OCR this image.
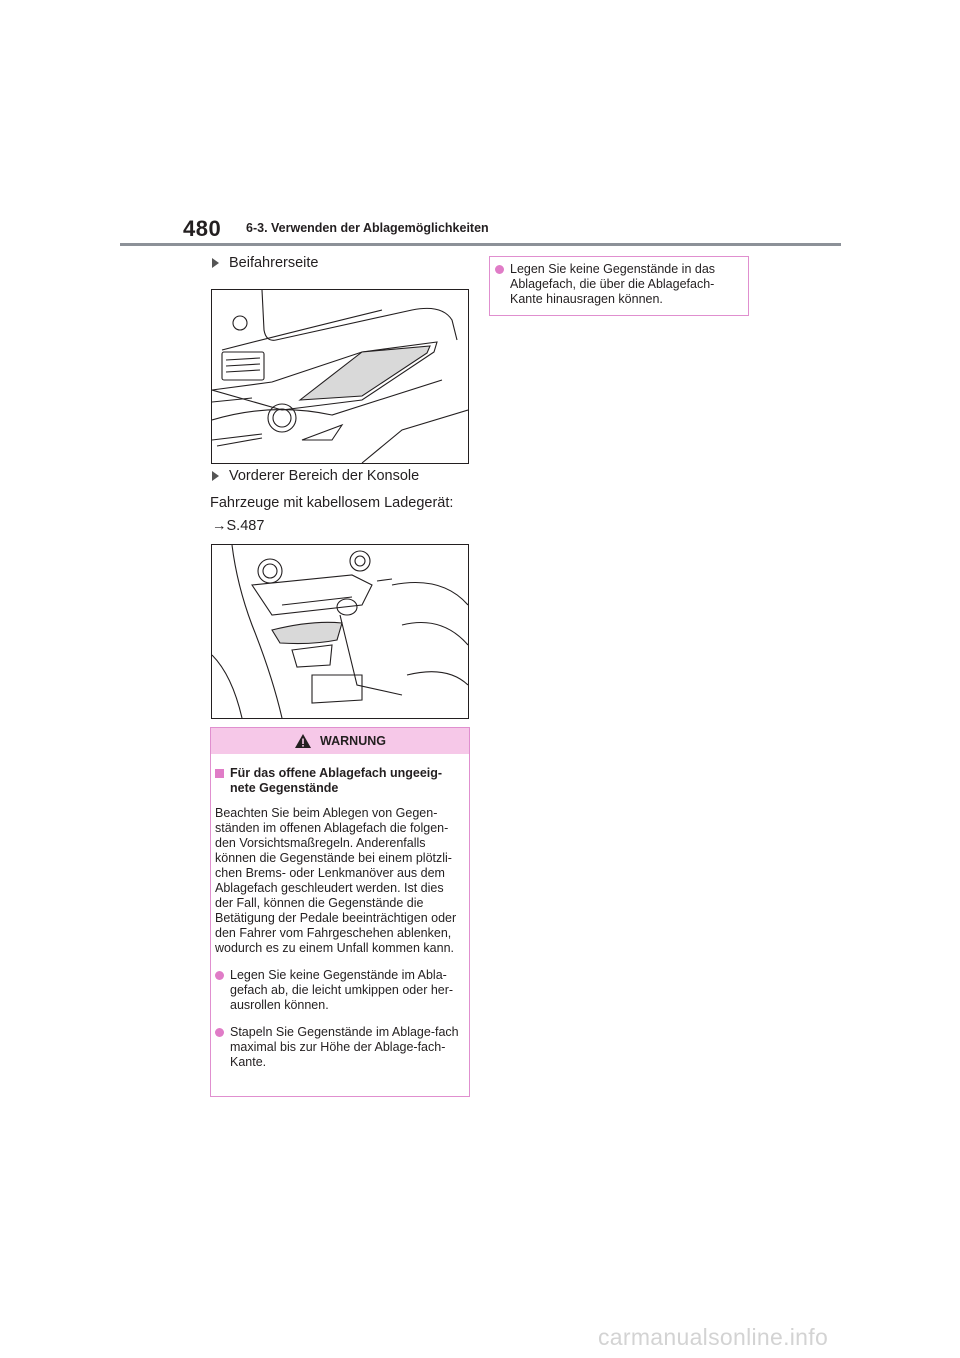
480 6-3. Verwenden der Ablagemöglichkeiten
Beifahrerseite
Vorderer Bereich der Konsole
Fahrzeuge mit kabellosem Ladegerät:
→S.487
WARNUNG
Für das offene Ablagefach ungeeig-nete Gegenstände

Beachten Sie beim Ablegen von Gegen-ständen im offenen Ablagefach die folgen-den Vorsichtsmaßregeln. Anderenfalls können die Gegenstände bei einem plötzli-chen Brems- oder Lenkmanöver aus dem Ablagefach geschleudert werden. Ist dies der Fall, können die Gegenstände die Betätigung der Pedale beeinträchtigen oder den Fahrer vom Fahrgeschehen ablenken, wodurch es zu einem Unfall kommen kann.

Legen Sie keine Gegenstände im Abla-gefach ab, die leicht umkippen oder her-ausrollen können.
Stapeln Sie Gegenstände im Ablage-fach maximal bis zur Höhe der Ablage-fach-Kante.
Legen Sie keine Gegenstände in das Ablagefach, die über die Ablagefach-Kante hinausragen können.
carmanualsonline.info
